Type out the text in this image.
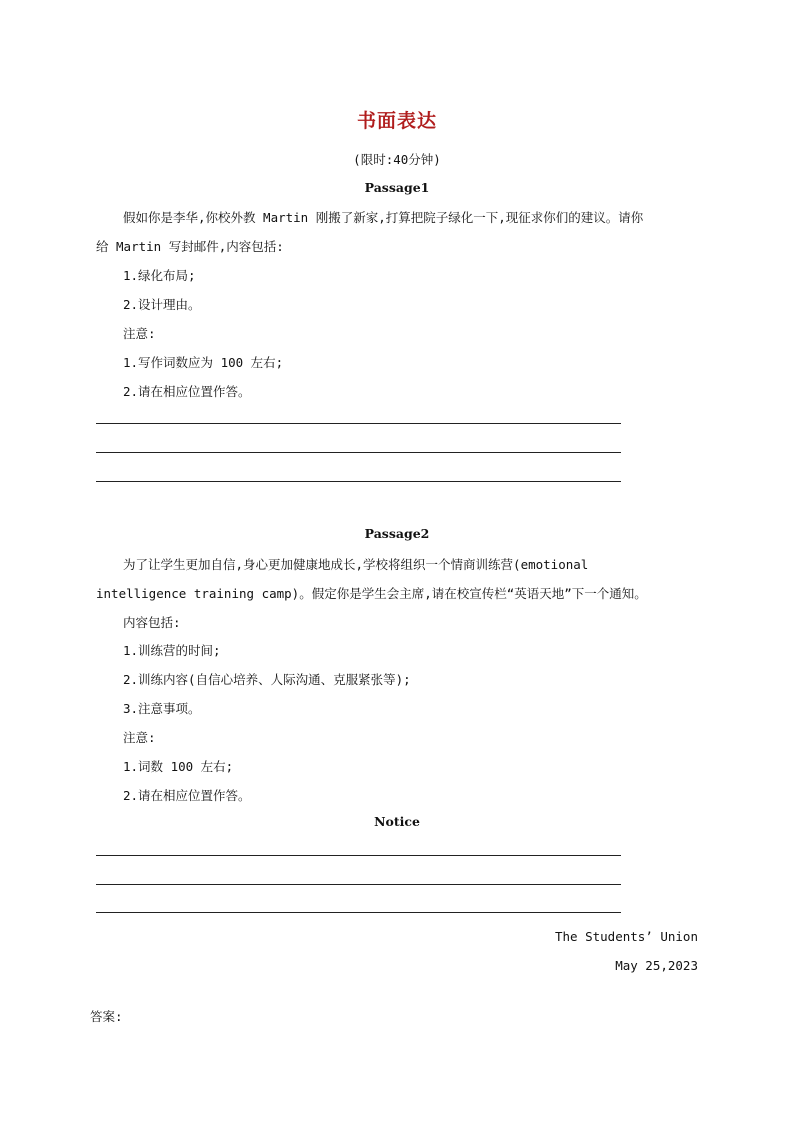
书面表达
(限时:40分钟)
Passage1
假如你是李华,你校外教 Martin 刚搬了新家,打算把院子绿化一下,现征求你们的建议。请你
给 Martin 写封邮件,内容包括:
1.绿化布局;
2.设计理由。
注意:
1.写作词数应为 100 左右;
2.请在相应位置作答。
Passage2
为了让学生更加自信,身心更加健康地成长,学校将组织一个情商训练营(emotional
intelligence training camp)。假定你是学生会主席,请在校宣传栏“英语天地”下一个通知。
内容包括:
1.训练营的时间;
2.训练内容(自信心培养、人际沟通、克服紧张等);
3.注意事项。
注意:
1.词数 100 左右;
2.请在相应位置作答。
Notice
The Students’ Union
May 25,2023
答案:
